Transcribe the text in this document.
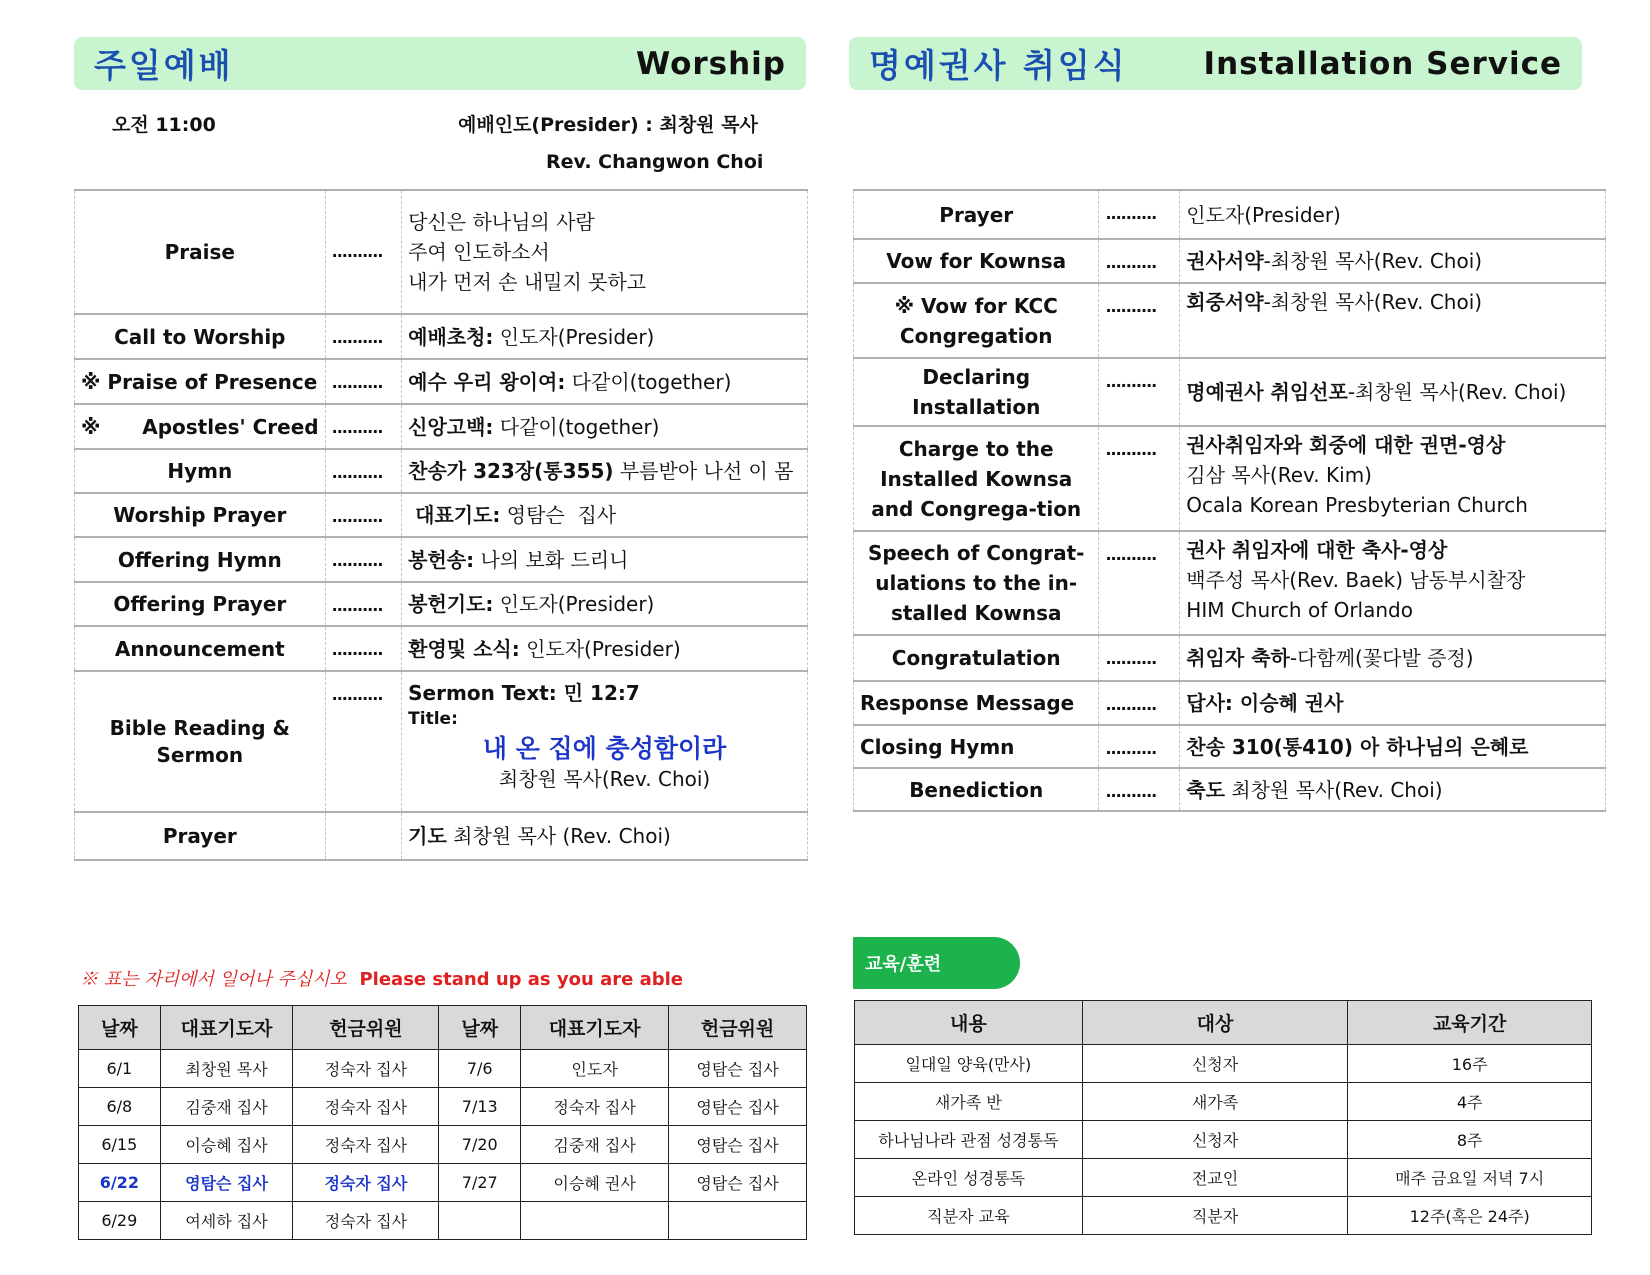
주일예배	Worship	명예권사 취임식 Installation Service
오전 11:00	예배인도(Presider) : 최창원 목사
Rev. Changwon Choi
Praise	..........	당신은 하나님의 사람
주여 인도하소서
내가 먼저 손 내밀지 못하고

Call to Worship	..........	예배초청: 인도자(Presider)
※ Praise of Presence	..........	예수 우리 왕이여: 다같이(together)
※      Apostles' Creed	..........	신앙고백: 다같이(together)
Hymn	..........	찬송가 323장(통355) 부름받아 나선 이 몸
Worship Prayer	..........	대표기도: 영탐슨  집사
Offering Hymn	..........	봉헌송: 나의 보화 드리니
Offering Prayer	..........	봉헌기도: 인도자(Presider)
Announcement	..........	환영및 소식: 인도자(Presider)
Bible Reading & Sermon	..........	Sermon Text: 민 12:7
Title:
내 온 집에 충성함이라
최창원 목사(Rev. Choi)

Prayer		기도 최창원 목사 (Rev. Choi)
Prayer	..........	인도자(Presider)
Vow for Kownsa	..........	권사서약-최창원 목사(Rev. Choi)
※ Vow for KCC Congregation	..........	회중서약-최창원 목사(Rev. Choi)
Declaring Installation	..........	명예권사 취임선포-최창원 목사(Rev. Choi)
Charge to the Installed Kownsa and Congrega-tion	..........	권사취임자와 회중에 대한 권면-영상
김삼 목사(Rev. Kim)
Ocala Korean Presbyterian Church

Speech of Congrat-ulations to the in-stalled Kownsa	..........	권사 취임자에 대한 축사-영상
백주성 목사(Rev. Baek) 남동부시찰장
HIM Church of Orlando

Congratulation	..........	취임자 축하-다함께(꽃다발 증정)
Response Message	..........	답사: 이승혜 권사
Closing Hymn	..........	찬송 310(통410) 아 하나님의 은혜로
Benediction	..........	축도 최창원 목사(Rev. Choi)
※ 표는 자리에서 일어나 주십시오 Please stand up as you are able
날짜	대표기도자	헌금위원	날짜	대표기도자	헌금위원
6/1	최창원 목사	정숙자 집사	7/6	인도자	영탐슨 집사
6/8	김중재 집사	정숙자 집사	7/13	정숙자 집사	영탐슨 집사
6/15	이승혜 집사	정숙자 집사	7/20	김중재 집사	영탐슨 집사
6/22	영탐슨 집사	정숙자 집사	7/27	이승혜 권사	영탐슨 집사
6/29	여세하 집사	정숙자 집사			
교육/훈련
내용	대상	교육기간
일대일 양육(만사)	신청자	16주
새가족 반	새가족	4주
하나님나라 관점 성경통독	신청자	8주
온라인 성경통독	전교인	매주 금요일 저녁 7시
직분자 교육	직분자	12주(혹은 24주)
